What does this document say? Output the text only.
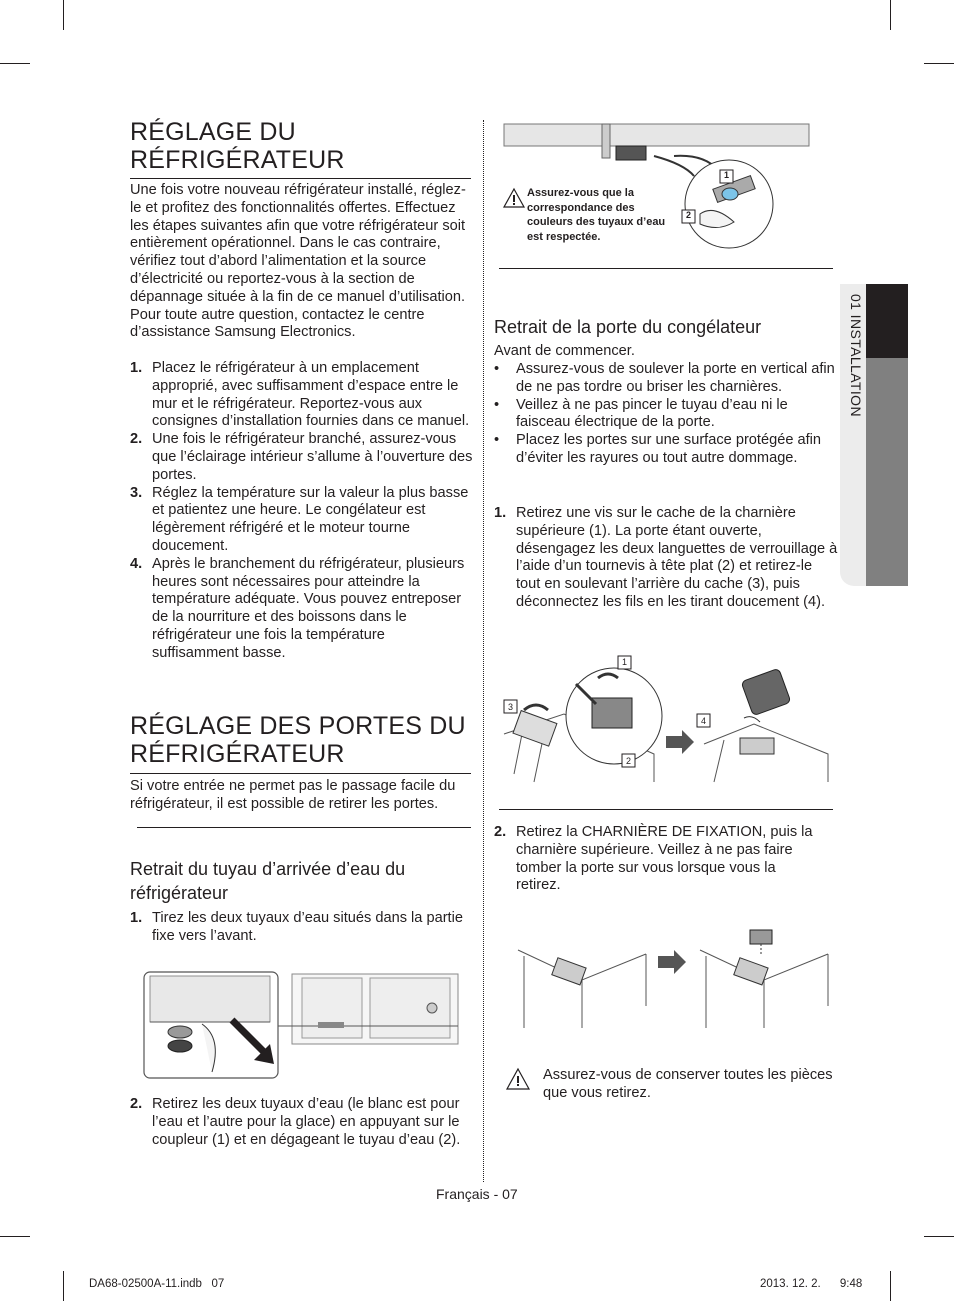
01 INSTALLATION
RÉGLAGE DU
RÉFRIGÉRATEUR

Une fois votre nouveau réfrigérateur installé, réglez-le et profitez des fonctionnalités offertes. Effectuez les étapes suivantes afin que votre réfrigérateur soit entièrement opérationnel. Dans le cas contraire, vérifiez tout d’abord l’alimentation et la source d’électricité ou reportez-vous à la section de dépannage située à la fin de ce manuel d’utilisation. Pour toute autre question, contactez le centre d’assistance Samsung Electronics.

1. Placez le réfrigérateur à un emplacement approprié, avec suffisamment d’espace entre le mur et le réfrigérateur. Reportez-vous aux consignes d’installation fournies dans ce manuel.
2. Une fois le réfrigérateur branché, assurez-vous que l’éclairage intérieur s’allume à l’ouverture des portes.
3. Réglez la température sur la valeur la plus basse et patientez une heure. Le congélateur est légèrement réfrigéré et le moteur tourne doucement.
4. Après le branchement du réfrigérateur, plusieurs heures sont nécessaires pour atteindre la température adéquate. Vous pouvez entreposer de la nourriture et des boissons dans le réfrigérateur une fois la température suffisamment basse.
RÉGLAGE DES PORTES DU
RÉFRIGÉRATEUR

Si votre entrée ne permet pas le passage facile du réfrigérateur, il est possible de retirer les portes.

Retrait du tuyau d’arrivée d’eau du réfrigérateur
1. Tirez les deux tuyaux d’eau situés dans la partie fixe vers l’avant.
2. Retirez les deux tuyaux d’eau (le blanc est pour l’eau et l’autre pour la glace) en appuyant sur le coupleur (1) et en dégageant le tuyau d’eau (2).
1
2
Assurez-vous que la correspondance des couleurs des tuyaux d’eau est respectée.
Retrait de la porte du congélateur

Avant de commencer.

• Assurez-vous de soulever la porte en vertical afin de ne pas tordre ou briser les charnières.
• Veillez à ne pas pincer le tuyau d’eau ni le faisceau électrique de la porte.
• Placez les portes sur une surface protégée afin d’éviter les rayures ou tout autre dommage.
1. Retirez une vis sur le cache de la charnière supérieure (1). La porte étant ouverte, désengagez les deux languettes de verrouillage à l’aide d’un tournevis à tête plat (2) et retirez-le tout en soulevant l’arrière du cache (3), puis déconnectez les fils en les tirant doucement (4).
1
2
3
4
2. Retirez la CHARNIÈRE DE FIXATION, puis la charnière supérieure. Veillez à ne pas faire tomber la porte sur vous lorsque vous la retirez.

Assurez-vous de conserver toutes les pièces que vous retirez.

Français - 07
DA68-02500A-11.indb   07	2013. 12. 2.      9:48
